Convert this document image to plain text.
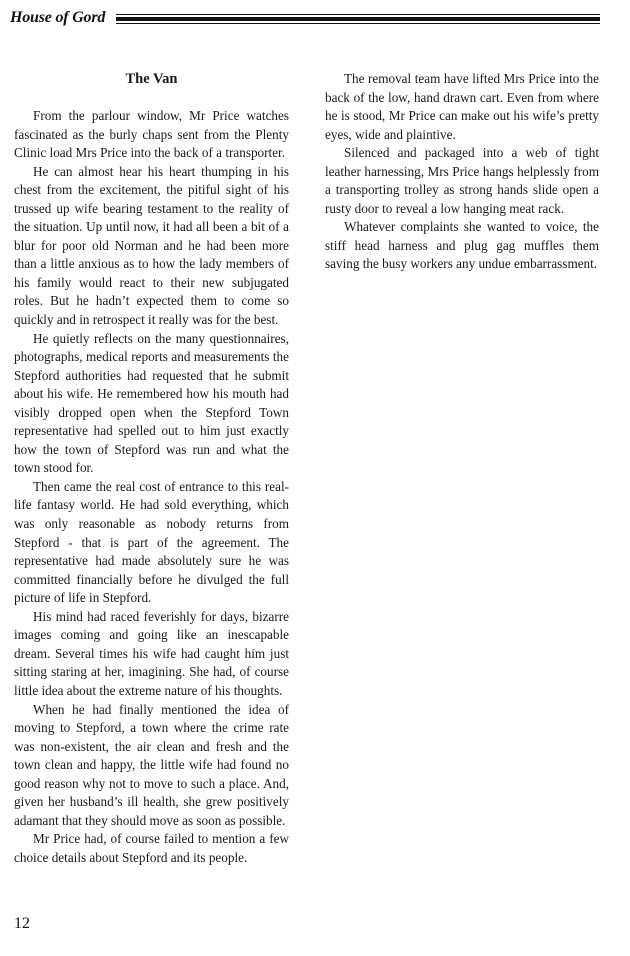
House of Gord
The Van

From the parlour window, Mr Price watches fascinated as the burly chaps sent from the Plenty Clinic load Mrs Price into the back of a transporter.

He can almost hear his heart thumping in his chest from the excitement, the pitiful sight of his trussed up wife bearing testament to the reality of the situation. Up until now, it had all been a bit of a blur for poor old Norman and he had been more than a little anxious as to how the lady members of his family would react to their new subjugated roles. But he hadn’t expected them to come so quickly and in retrospect it really was for the best.

He quietly reflects on the many questionnaires, photographs, medical reports and measurements the Stepford authorities had requested that he submit about his wife. He remembered how his mouth had visibly dropped open when the Stepford Town representative had spelled out to him just exactly how the town of Stepford was run and what the town stood for.

Then came the real cost of entrance to this real-life fantasy world. He had sold everything, which was only reasonable as nobody returns from Stepford - that is part of the agreement. The representative had made absolutely sure he was committed financially before he divulged the full picture of life in Stepford.

His mind had raced feverishly for days, bizarre images coming and going like an inescapable dream. Several times his wife had caught him just sitting staring at her, imagining. She had, of course little idea about the extreme nature of his thoughts.

When he had finally mentioned the idea of moving to Stepford, a town where the crime rate was non-existent, the air clean and fresh and the town clean and happy, the little wife had found no good reason why not to move to such a place. And, given her husband’s ill health, she grew positively adamant that they should move as soon as possible.

Mr Price had, of course failed to mention a few choice details about Stepford and its people.

The removal team have lifted Mrs Price into the back of the low, hand drawn cart. Even from where he is stood, Mr Price can make out his wife’s pretty eyes, wide and plaintive.

Silenced and packaged into a web of tight leather harnessing, Mrs Price hangs helplessly from a transporting trolley as strong hands slide open a rusty door to reveal a low hanging meat rack.

Whatever complaints she wanted to voice, the stiff head harness and plug gag muffles them saving the busy workers any undue embarrassment.

12
